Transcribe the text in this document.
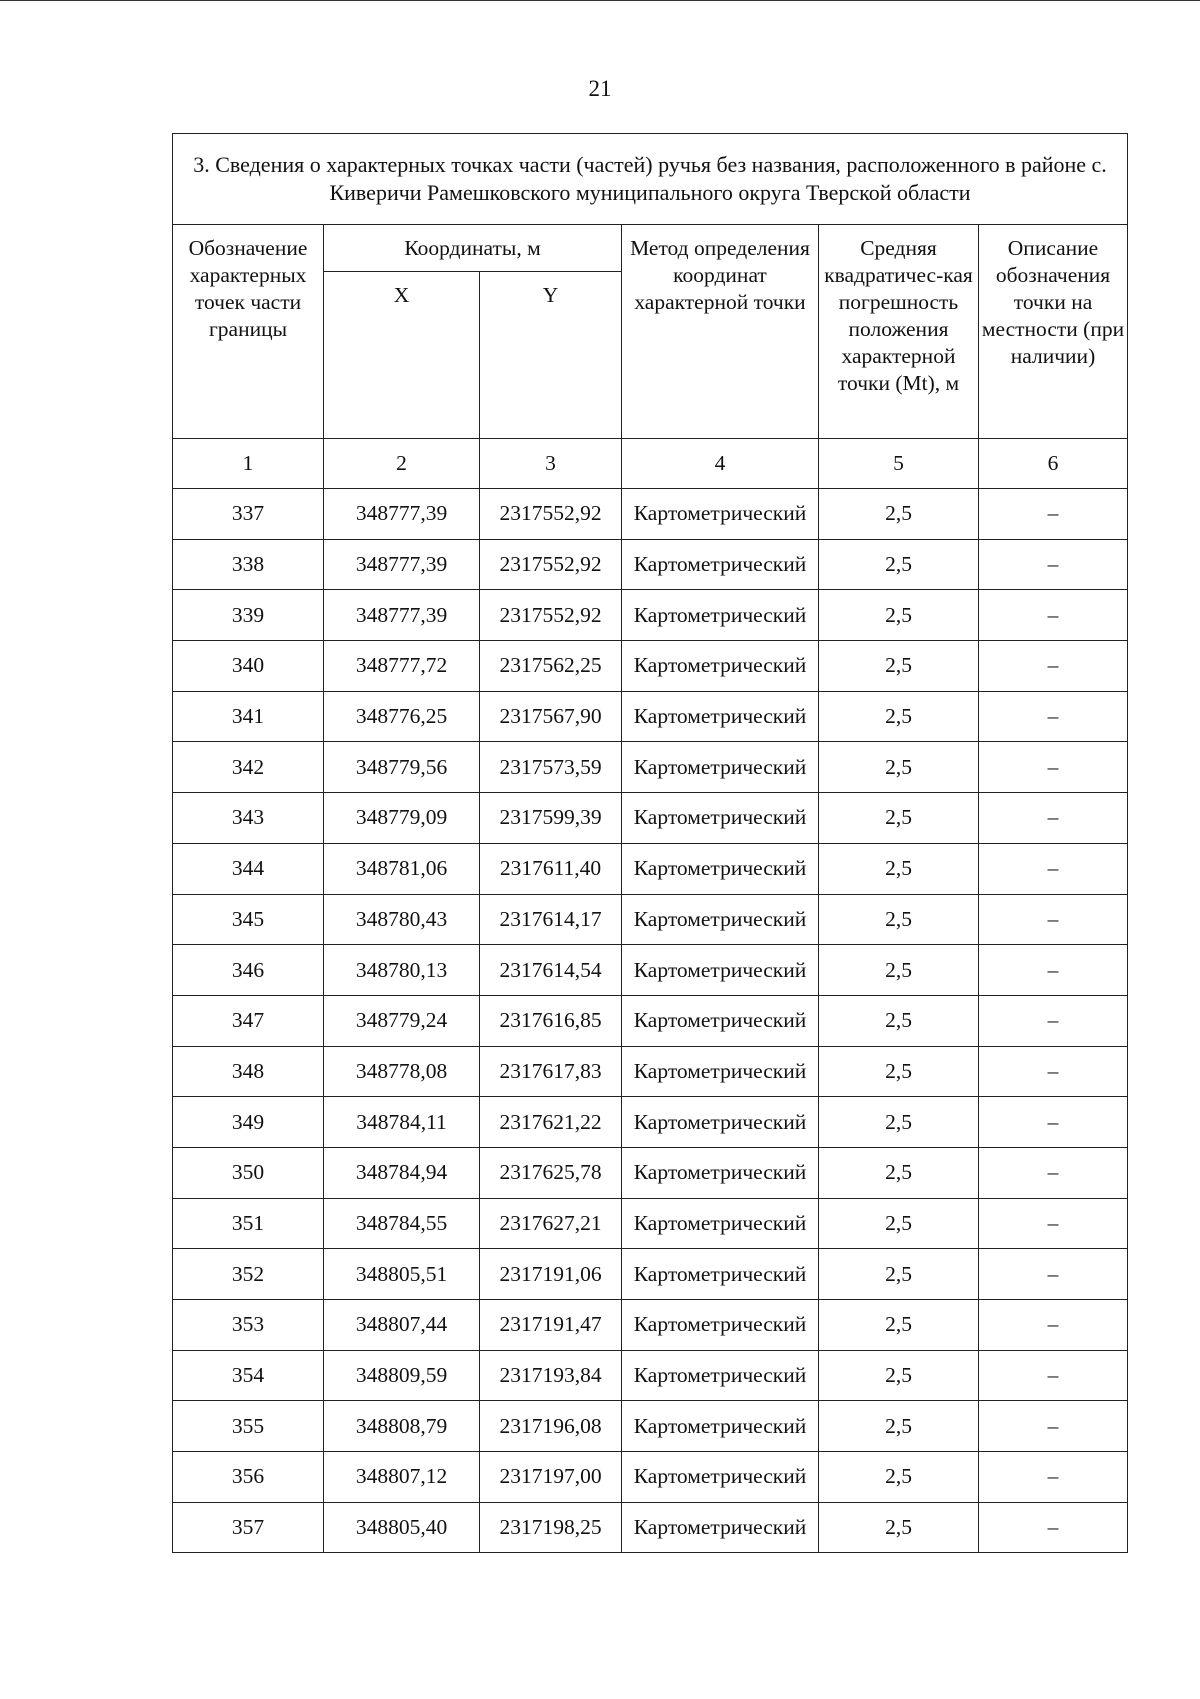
21
3. Сведения о характерных точках части (частей) ручья без названия, расположенного в районе с. Киверичи Рамешковского муниципального округа Тверской области					
Обозначение характерных точек части границы	Координаты, м		Метод определения координат характерной точки	Средняя квадратичес-кая погрешность положения характерной точки (Mt), м	Описание обозначения точки на местности (при наличии)
	X	Y			
1	2	3	4	5	6
337	348777,39	2317552,92	Картометрический	2,5	–
338	348777,39	2317552,92	Картометрический	2,5	–
339	348777,39	2317552,92	Картометрический	2,5	–
340	348777,72	2317562,25	Картометрический	2,5	–
341	348776,25	2317567,90	Картометрический	2,5	–
342	348779,56	2317573,59	Картометрический	2,5	–
343	348779,09	2317599,39	Картометрический	2,5	–
344	348781,06	2317611,40	Картометрический	2,5	–
345	348780,43	2317614,17	Картометрический	2,5	–
346	348780,13	2317614,54	Картометрический	2,5	–
347	348779,24	2317616,85	Картометрический	2,5	–
348	348778,08	2317617,83	Картометрический	2,5	–
349	348784,11	2317621,22	Картометрический	2,5	–
350	348784,94	2317625,78	Картометрический	2,5	–
351	348784,55	2317627,21	Картометрический	2,5	–
352	348805,51	2317191,06	Картометрический	2,5	–
353	348807,44	2317191,47	Картометрический	2,5	–
354	348809,59	2317193,84	Картометрический	2,5	–
355	348808,79	2317196,08	Картометрический	2,5	–
356	348807,12	2317197,00	Картометрический	2,5	–
357	348805,40	2317198,25	Картометрический	2,5	–
